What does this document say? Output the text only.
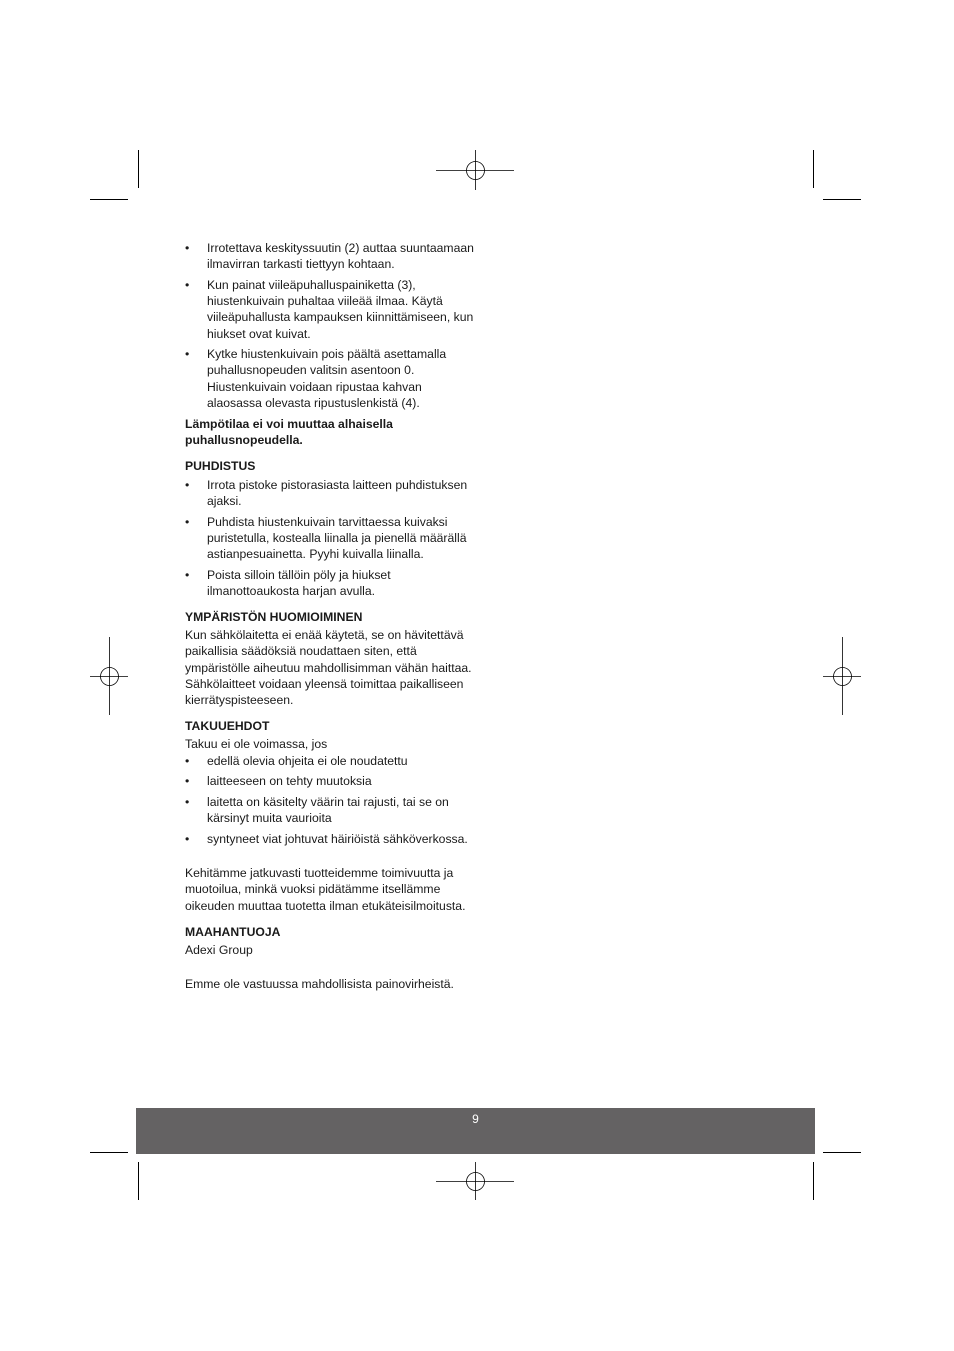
• Irrotettava keskityssuutin (2) auttaa suuntaamaan ilmavirran tarkasti tiettyyn kohtaan.
• Kun painat viileäpuhalluspainiketta (3), hiustenkuivain puhaltaa viileää ilmaa. Käytä viileäpuhallusta kampauksen kiinnittämiseen, kun hiukset ovat kuivat.
• Kytke hiustenkuivain pois päältä asettamalla puhallusnopeuden valitsin asentoon 0. Hiustenkuivain voidaan ripustaa kahvan alaosassa olevasta ripustuslenkistä (4).

Lämpötilaa ei voi muuttaa alhaisella puhallusnopeudella.

PUHDISTUS

• Irrota pistoke pistorasiasta laitteen puhdistuksen ajaksi.
• Puhdista hiustenkuivain tarvittaessa kuivaksi puristetulla, kostealla liinalla ja pienellä määrällä astianpesuainetta. Pyyhi kuivalla liinalla.
• Poista silloin tällöin pöly ja hiukset ilmanottoaukosta harjan avulla.

YMPÄRISTÖN HUOMIOIMINEN

Kun sähkölaitetta ei enää käytetä, se on hävitettävä paikallisia säädöksiä noudattaen siten, että ympäristölle aiheutuu mahdollisimman vähän haittaa. Sähkölaitteet voidaan yleensä toimittaa paikalliseen kierrätyspisteeseen.

TAKUUEHDOT

Takuu ei ole voimassa, jos

• edellä olevia ohjeita ei ole noudatettu
• laitteeseen on tehty muutoksia
• laitetta on käsitelty väärin tai rajusti, tai se on kärsinyt muita vaurioita
• syntyneet viat johtuvat häiriöistä sähköverkossa.

Kehitämme jatkuvasti tuotteidemme toimivuutta ja muotoilua, minkä vuoksi pidätämme itsellämme oikeuden muuttaa tuotetta ilman etukäteisilmoitusta.

MAAHANTUOJA

Adexi Group

Emme ole vastuussa mahdollisista painovirheistä.

9
